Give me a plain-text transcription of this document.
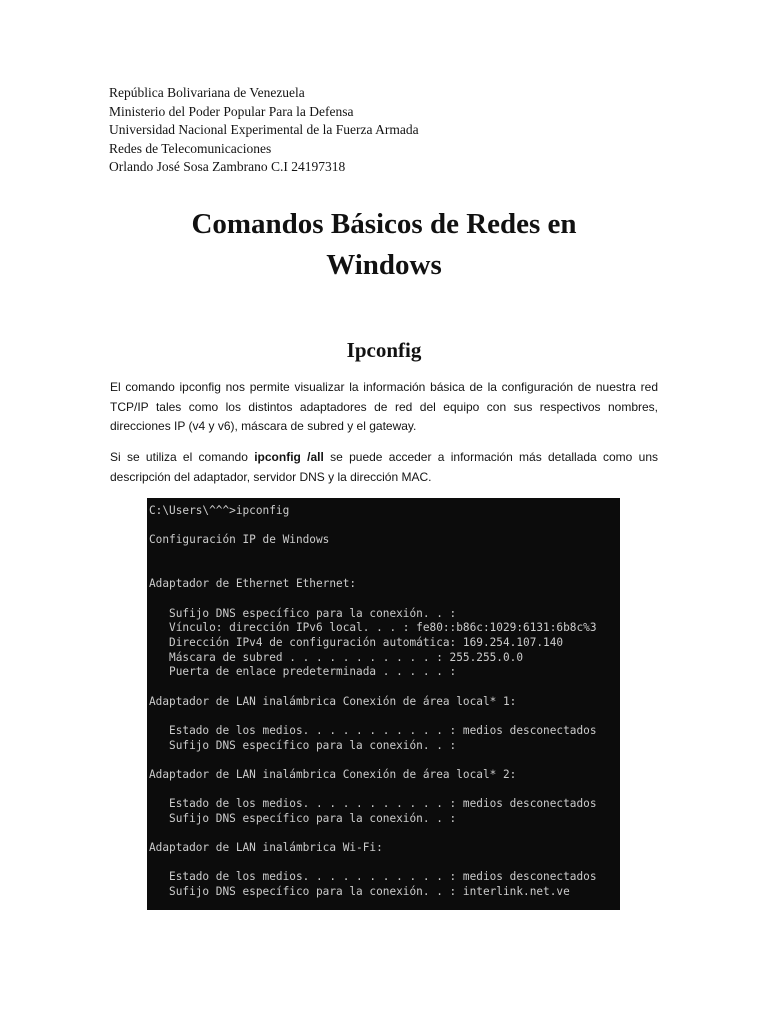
República Bolivariana de Venezuela
Ministerio del Poder Popular Para la Defensa
Universidad Nacional Experimental de la Fuerza Armada
Redes de Telecomunicaciones
Orlando José Sosa Zambrano C.I 24197318
Comandos Básicos de Redes en
Windows
Ipconfig
El comando ipconfig nos permite visualizar la información básica de la configuración de nuestra red TCP/IP tales como los distintos adaptadores de red del equipo con sus respectivos nombres, direcciones IP (v4 y v6), máscara de subred y el gateway.
Si se utiliza el comando ipconfig /all se puede acceder a información más detallada como uns descripción del adaptador, servidor DNS y la dirección MAC.
C:\Users\^^^>ipconfig
Configuración IP de Windows
Adaptador de Ethernet Ethernet:
Sufijo DNS específico para la conexión. . :
Vínculo: dirección IPv6 local. . . : fe80::b86c:1029:6131:6b8c%3
Dirección IPv4 de configuración automática: 169.254.107.140
Máscara de subred . . . . . . . . . . . : 255.255.0.0
Puerta de enlace predeterminada . . . . . :
Adaptador de LAN inalámbrica Conexión de área local* 1:
Estado de los medios. . . . . . . . . . . : medios desconectados
Sufijo DNS específico para la conexión. . :
Adaptador de LAN inalámbrica Conexión de área local* 2:
Estado de los medios. . . . . . . . . . . : medios desconectados
Sufijo DNS específico para la conexión. . :
Adaptador de LAN inalámbrica Wi-Fi:
Estado de los medios. . . . . . . . . . . : medios desconectados
Sufijo DNS específico para la conexión. . : interlink.net.ve
